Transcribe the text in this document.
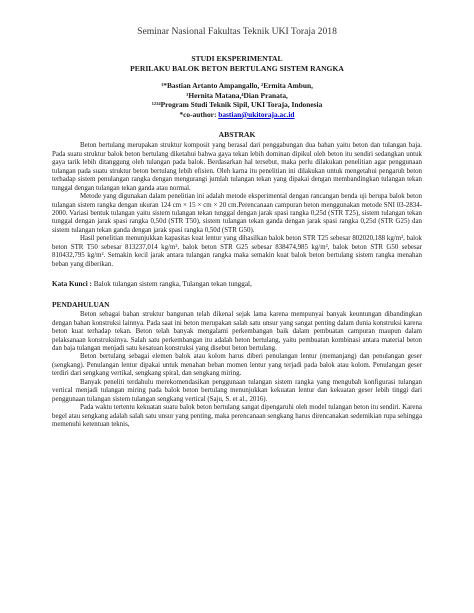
Seminar Nasional Fakultas Teknik UKI Toraja 2018
STUDI EKSPERIMENTAL
PERILAKU BALOK BETON BERTULANG SISTEM RANGKA
¹*Bastian Artanto Ampangallo, ²Ermita Ambun,
³Hernita Matana,⁴Dian Pranata,
¹²³⁴Program Studi Teknik Sipil, UKI Toraja, Indonesia
*co-author: bastian@ukitoraja.ac.id
ABSTRAK

Beton bertulang merupakan struktur komposit yang berasal dari penggabungan dua bahan yaitu beton dan tulangan baja. Pada suatu struktur balok beton bertulang diketahui bahwa gaya tekan lebih dominan dipikul oleh beton itu sendiri sedangkan untuk gaya tarik lebih ditanggung oleh tulangan pada balok. Berdasarkan hal tersebut, maka perlu dilakukan penelitian agar penggunaan tulangan pada suatu struktur beton bertulang lebih efisien. Oleh karna itu penelitian ini dilakukan untuk mengetahui pengaruh beton terhadap sistem penulangan rangka dengan mengurangi jumlah tulangan tekan yang dipakai dengan membandingkan tulangan tekan tunggal dengan tulangan tekan ganda atau normal.

Metode yang digunakan dalam penelitian ini adalah metode eksperimental dengan rancangan benda uji berupa balok beton tulangan sistem rangka dengan ukuran 124 cm × 15 × cm × 20 cm.Perencanaan campuran beton menggunakan metode SNI 03-2834-2000. Variasi bentuk tulangan yaitu sistem tulangan tekan tunggal dengan jarak spasi rangka 0,25d (STR T25), sistem tulangan tekan tunggal dengan jarak spasi rangka 0,50d (STR T50), sistem tulangan tekan ganda dengan jarak spasi rangka 0,25d (STR G25) dan sistem tulangan tekan ganda dengan jarak spasi rangka 0,50d (STR G50).

Hasil penelitian menunjukkan kapasitas kuat lentur yang dihasilkan balok beton STR T25 sebesar 802020,188 kg/m², balok beton STR T50 sebesar 813237,014 kg/m², balok beton STR G25 sebesar 838474,985 kg/m², balok beton STR G50 sebesar 810432,795 kg/m². Semakin kecil jarak antara tulangan rangka maka semakin kuat balok beton bertulang sistem rangka menahan beban yang diberikan.

Kata Kunci : Balok tulangan sistem rangka, Tulangan tekan tunggal,

PENDAHULUAN

Beton sebagai bahan struktur bangunan telah dikenal sejak lama karena mempunyai banyak keuntungan dibandingkan dengan bahan konstruksi lainnya. Pada saat ini beton merupakan salah satu unsur yang sangat penting dalam dunia konstruksi karena beton kuat terhadap tekan. Beton telah banyak mengalami perkembangan baik dalam pembuatan campuran maupun dalam pelaksanaan konstruksinya. Salah satu perkembangan itu adalah beton bertulang, yaitu pembuatan kombinasi antara material beton dan baja tulangan menjadi satu kesatuan konstruksi yang disebut beton bertulang.

Beton bertulang sebagai elemen balok atau kolom harus diberi penulangan lentur (memanjang) dan penulangan geser (sengkang). Penulangan lentur dipakai untuk menahan beban momen lentur yang terjadi pada balok atau kolom. Penulangan geser terdiri dari sengkang vertikal, sengkang spiral, dan sengkang miring.

Banyak peneliti terdahulu merekomendasikan penggunaan tulangan sistem rangka yang mengubah konfigurasi tulangan vertical menjadi tulangan miring pada balok beton bertulang menunjukkan kekuatan lentur dan kekuatan geser lebih tinggi dari penggunaan tulangan sistem tulangan sengkang vertical (Saju, S. et al., 2016).

Pada waktu tertentu kekuatan suatu balok beton bertulang sangat dipengaruhi oleh model tulangan beton itu sendiri. Karena begel atau sengkang adalah salah satu unsur yang penting, maka perencanaan sengkang harus direncanakan sedemikian rupa sehingga memenuhi ketentuan teknis,
